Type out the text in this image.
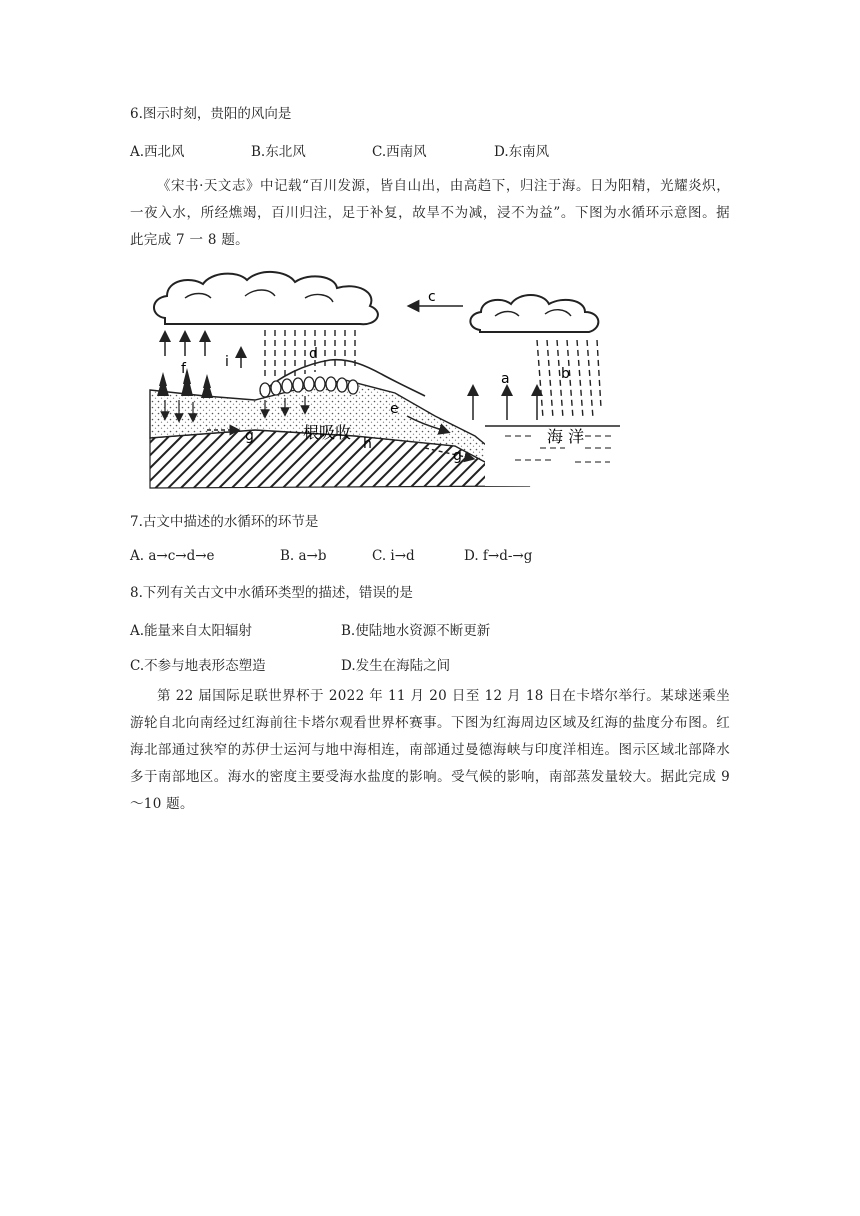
6.图示时刻，贵阳的风向是
A.西北风	B.东北风	C.西南风	D.东南风
《宋书·天文志》中记载“百川发源，皆自山出，由高趋下，归注于海。日为阳精，光耀炎炽，一夜入水，所经燋竭，百川归注，足于补复，故旱不为减，浸不为益”。下图为水循环示意图。据此完成 7 一 8 题。
c
f	i	d
a	b
e
g
g
h
根吸收	海 洋
7.古文中描述的水循环的环节是
A. a→c→d→e	B. a→b	C. i→d	D. f→d-→g
8.下列有关古文中水循环类型的描述，错误的是
A.能量来自太阳辐射	B.使陆地水资源不断更新
C.不参与地表形态塑造	D.发生在海陆之间
第 22 届国际足联世界杯于 2022 年 11 月 20 日至 12 月 18 日在卡塔尔举行。某球迷乘坐游轮自北向南经过红海前往卡塔尔观看世界杯赛事。下图为红海周边区域及红海的盐度分布图。红海北部通过狭窄的苏伊士运河与地中海相连，南部通过曼德海峡与印度洋相连。图示区域北部降水多于南部地区。海水的密度主要受海水盐度的影响。受气候的影响，南部蒸发量较大。据此完成 9～10 题。
